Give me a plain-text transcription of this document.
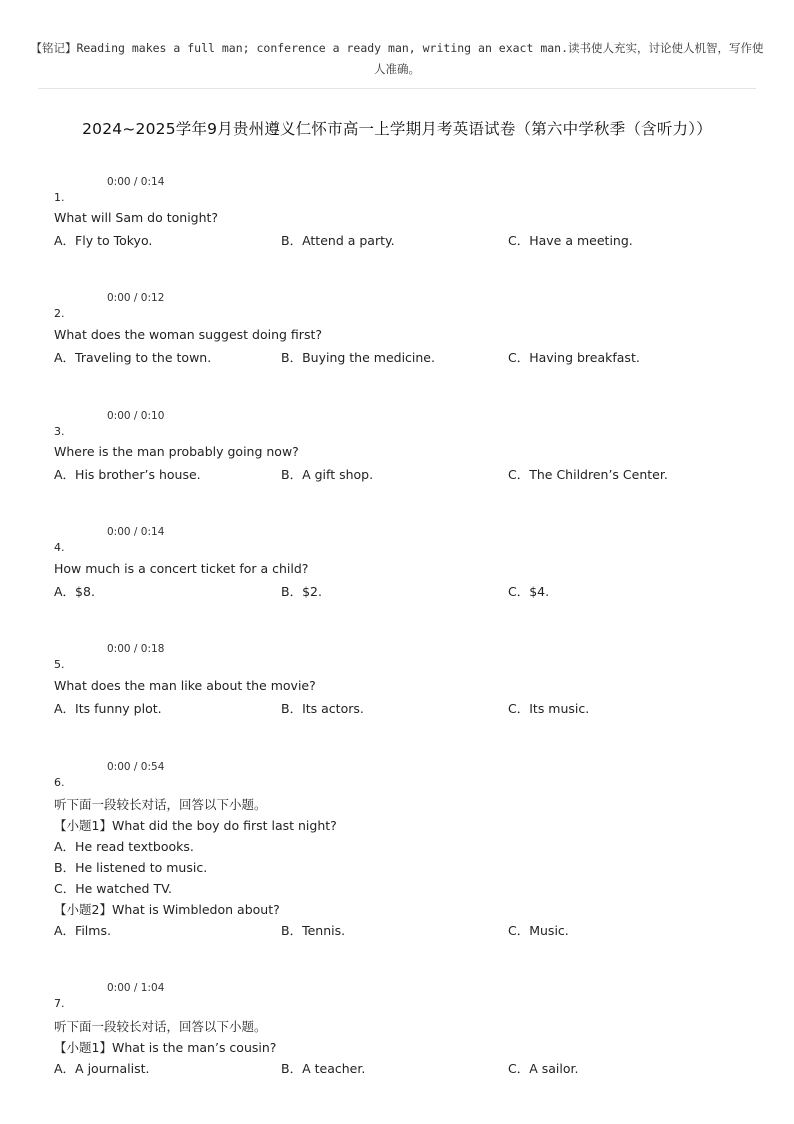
【铭记】Reading makes a full man; conference a ready man, writing an exact man.读书使人充实，讨论使人机智，写作使人准确。
2024~2025学年9月贵州遵义仁怀市高一上学期月考英语试卷（第六中学秋季（含听力））
0:00 / 0:14
1.
What will Sam do tonight?
A．Fly to Tokyo.	B．Attend a party.	C．Have a meeting.
0:00 / 0:12
2.
What does the woman suggest doing first?
A．Traveling to the town.	B．Buying the medicine.	C．Having breakfast.
0:00 / 0:10
3.
Where is the man probably going now?
A．His brother’s house.	B．A gift shop.	C．The Children’s Center.
0:00 / 0:14
4.
How much is a concert ticket for a child?
A．$8.	B．$2.	C．$4.
0:00 / 0:18
5.
What does the man like about the movie?
A．Its funny plot.	B．Its actors.	C．Its music.
0:00 / 0:54
6.
听下面一段较长对话，回答以下小题。
【小题1】What did the boy do first last night?
A．He read textbooks.
B．He listened to music.
C．He watched TV.
【小题2】What is Wimbledon about?
A．Films.	B．Tennis.	C．Music.
0:00 / 1:04
7.
听下面一段较长对话，回答以下小题。
【小题1】What is the man’s cousin?
A．A journalist.	B．A teacher.	C．A sailor.
